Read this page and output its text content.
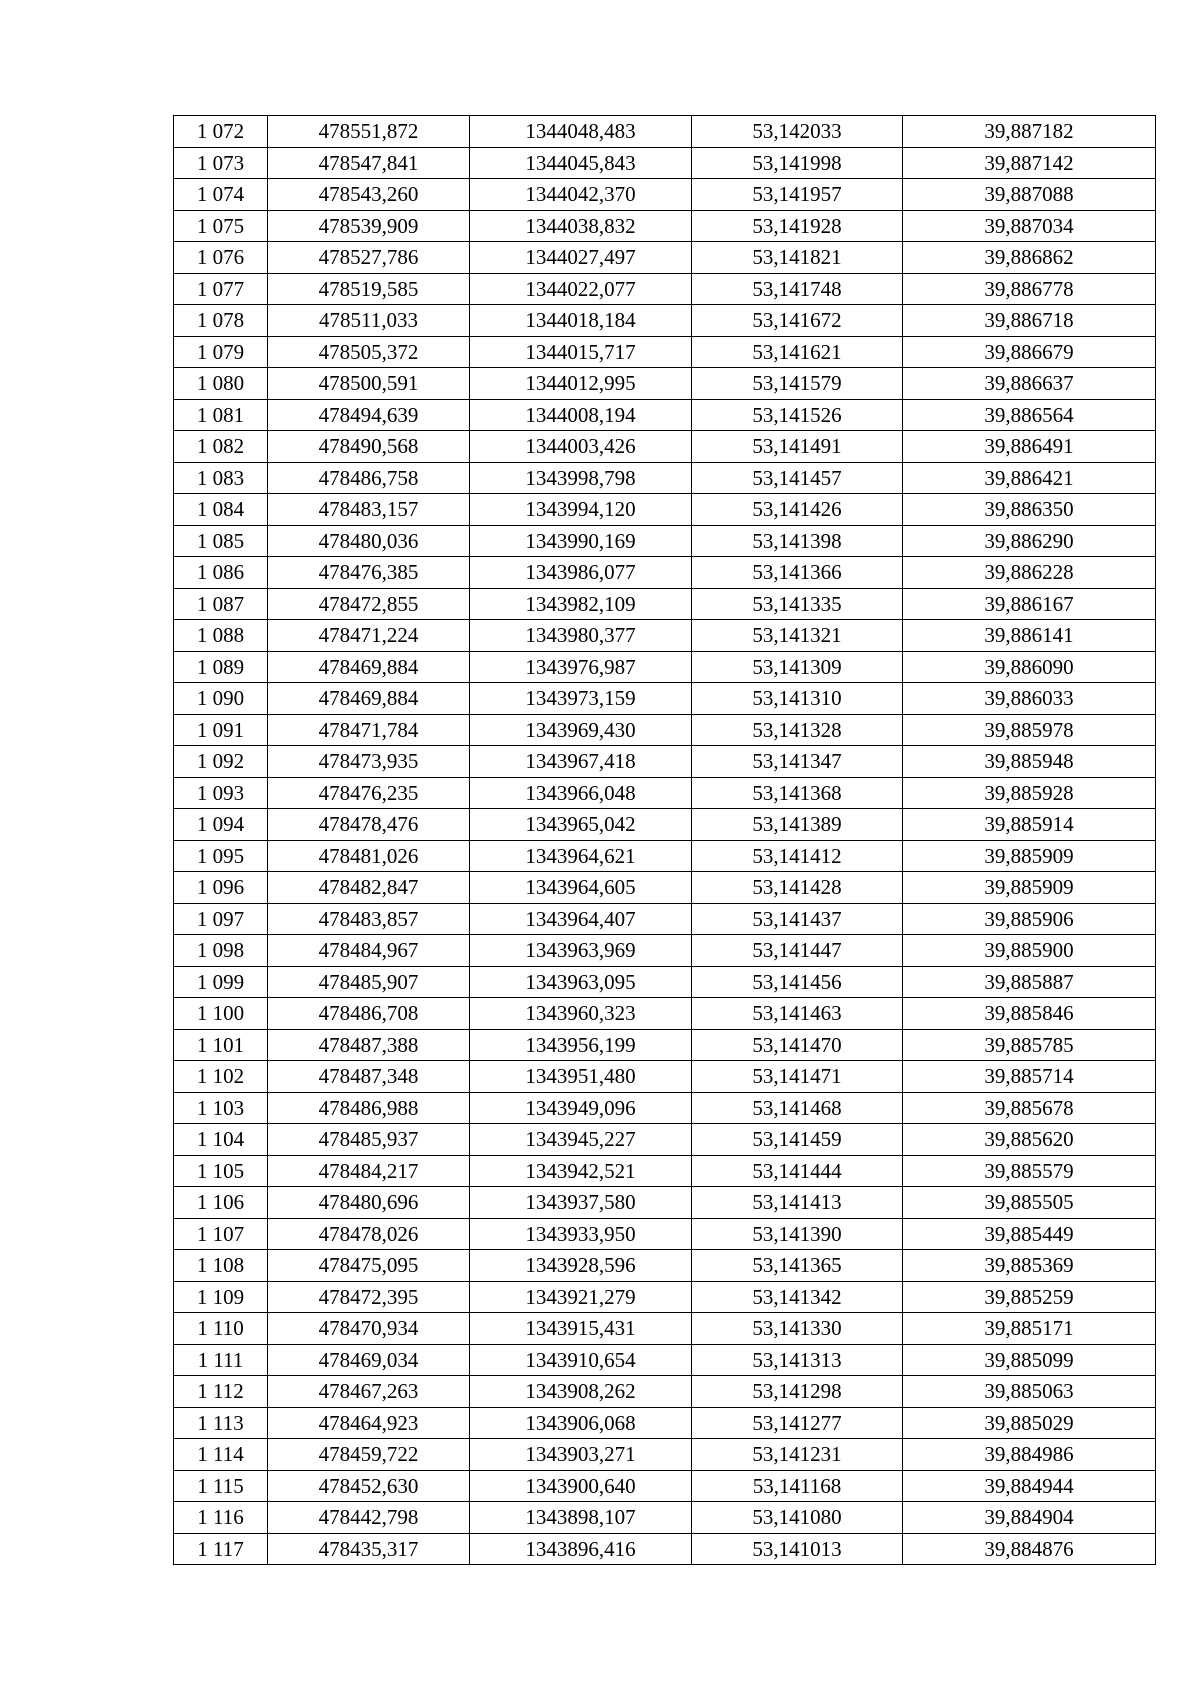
1 072	478551,872	1344048,483	53,142033	39,887182
1 073	478547,841	1344045,843	53,141998	39,887142
1 074	478543,260	1344042,370	53,141957	39,887088
1 075	478539,909	1344038,832	53,141928	39,887034
1 076	478527,786	1344027,497	53,141821	39,886862
1 077	478519,585	1344022,077	53,141748	39,886778
1 078	478511,033	1344018,184	53,141672	39,886718
1 079	478505,372	1344015,717	53,141621	39,886679
1 080	478500,591	1344012,995	53,141579	39,886637
1 081	478494,639	1344008,194	53,141526	39,886564
1 082	478490,568	1344003,426	53,141491	39,886491
1 083	478486,758	1343998,798	53,141457	39,886421
1 084	478483,157	1343994,120	53,141426	39,886350
1 085	478480,036	1343990,169	53,141398	39,886290
1 086	478476,385	1343986,077	53,141366	39,886228
1 087	478472,855	1343982,109	53,141335	39,886167
1 088	478471,224	1343980,377	53,141321	39,886141
1 089	478469,884	1343976,987	53,141309	39,886090
1 090	478469,884	1343973,159	53,141310	39,886033
1 091	478471,784	1343969,430	53,141328	39,885978
1 092	478473,935	1343967,418	53,141347	39,885948
1 093	478476,235	1343966,048	53,141368	39,885928
1 094	478478,476	1343965,042	53,141389	39,885914
1 095	478481,026	1343964,621	53,141412	39,885909
1 096	478482,847	1343964,605	53,141428	39,885909
1 097	478483,857	1343964,407	53,141437	39,885906
1 098	478484,967	1343963,969	53,141447	39,885900
1 099	478485,907	1343963,095	53,141456	39,885887
1 100	478486,708	1343960,323	53,141463	39,885846
1 101	478487,388	1343956,199	53,141470	39,885785
1 102	478487,348	1343951,480	53,141471	39,885714
1 103	478486,988	1343949,096	53,141468	39,885678
1 104	478485,937	1343945,227	53,141459	39,885620
1 105	478484,217	1343942,521	53,141444	39,885579
1 106	478480,696	1343937,580	53,141413	39,885505
1 107	478478,026	1343933,950	53,141390	39,885449
1 108	478475,095	1343928,596	53,141365	39,885369
1 109	478472,395	1343921,279	53,141342	39,885259
1 110	478470,934	1343915,431	53,141330	39,885171
1 111	478469,034	1343910,654	53,141313	39,885099
1 112	478467,263	1343908,262	53,141298	39,885063
1 113	478464,923	1343906,068	53,141277	39,885029
1 114	478459,722	1343903,271	53,141231	39,884986
1 115	478452,630	1343900,640	53,141168	39,884944
1 116	478442,798	1343898,107	53,141080	39,884904
1 117	478435,317	1343896,416	53,141013	39,884876
